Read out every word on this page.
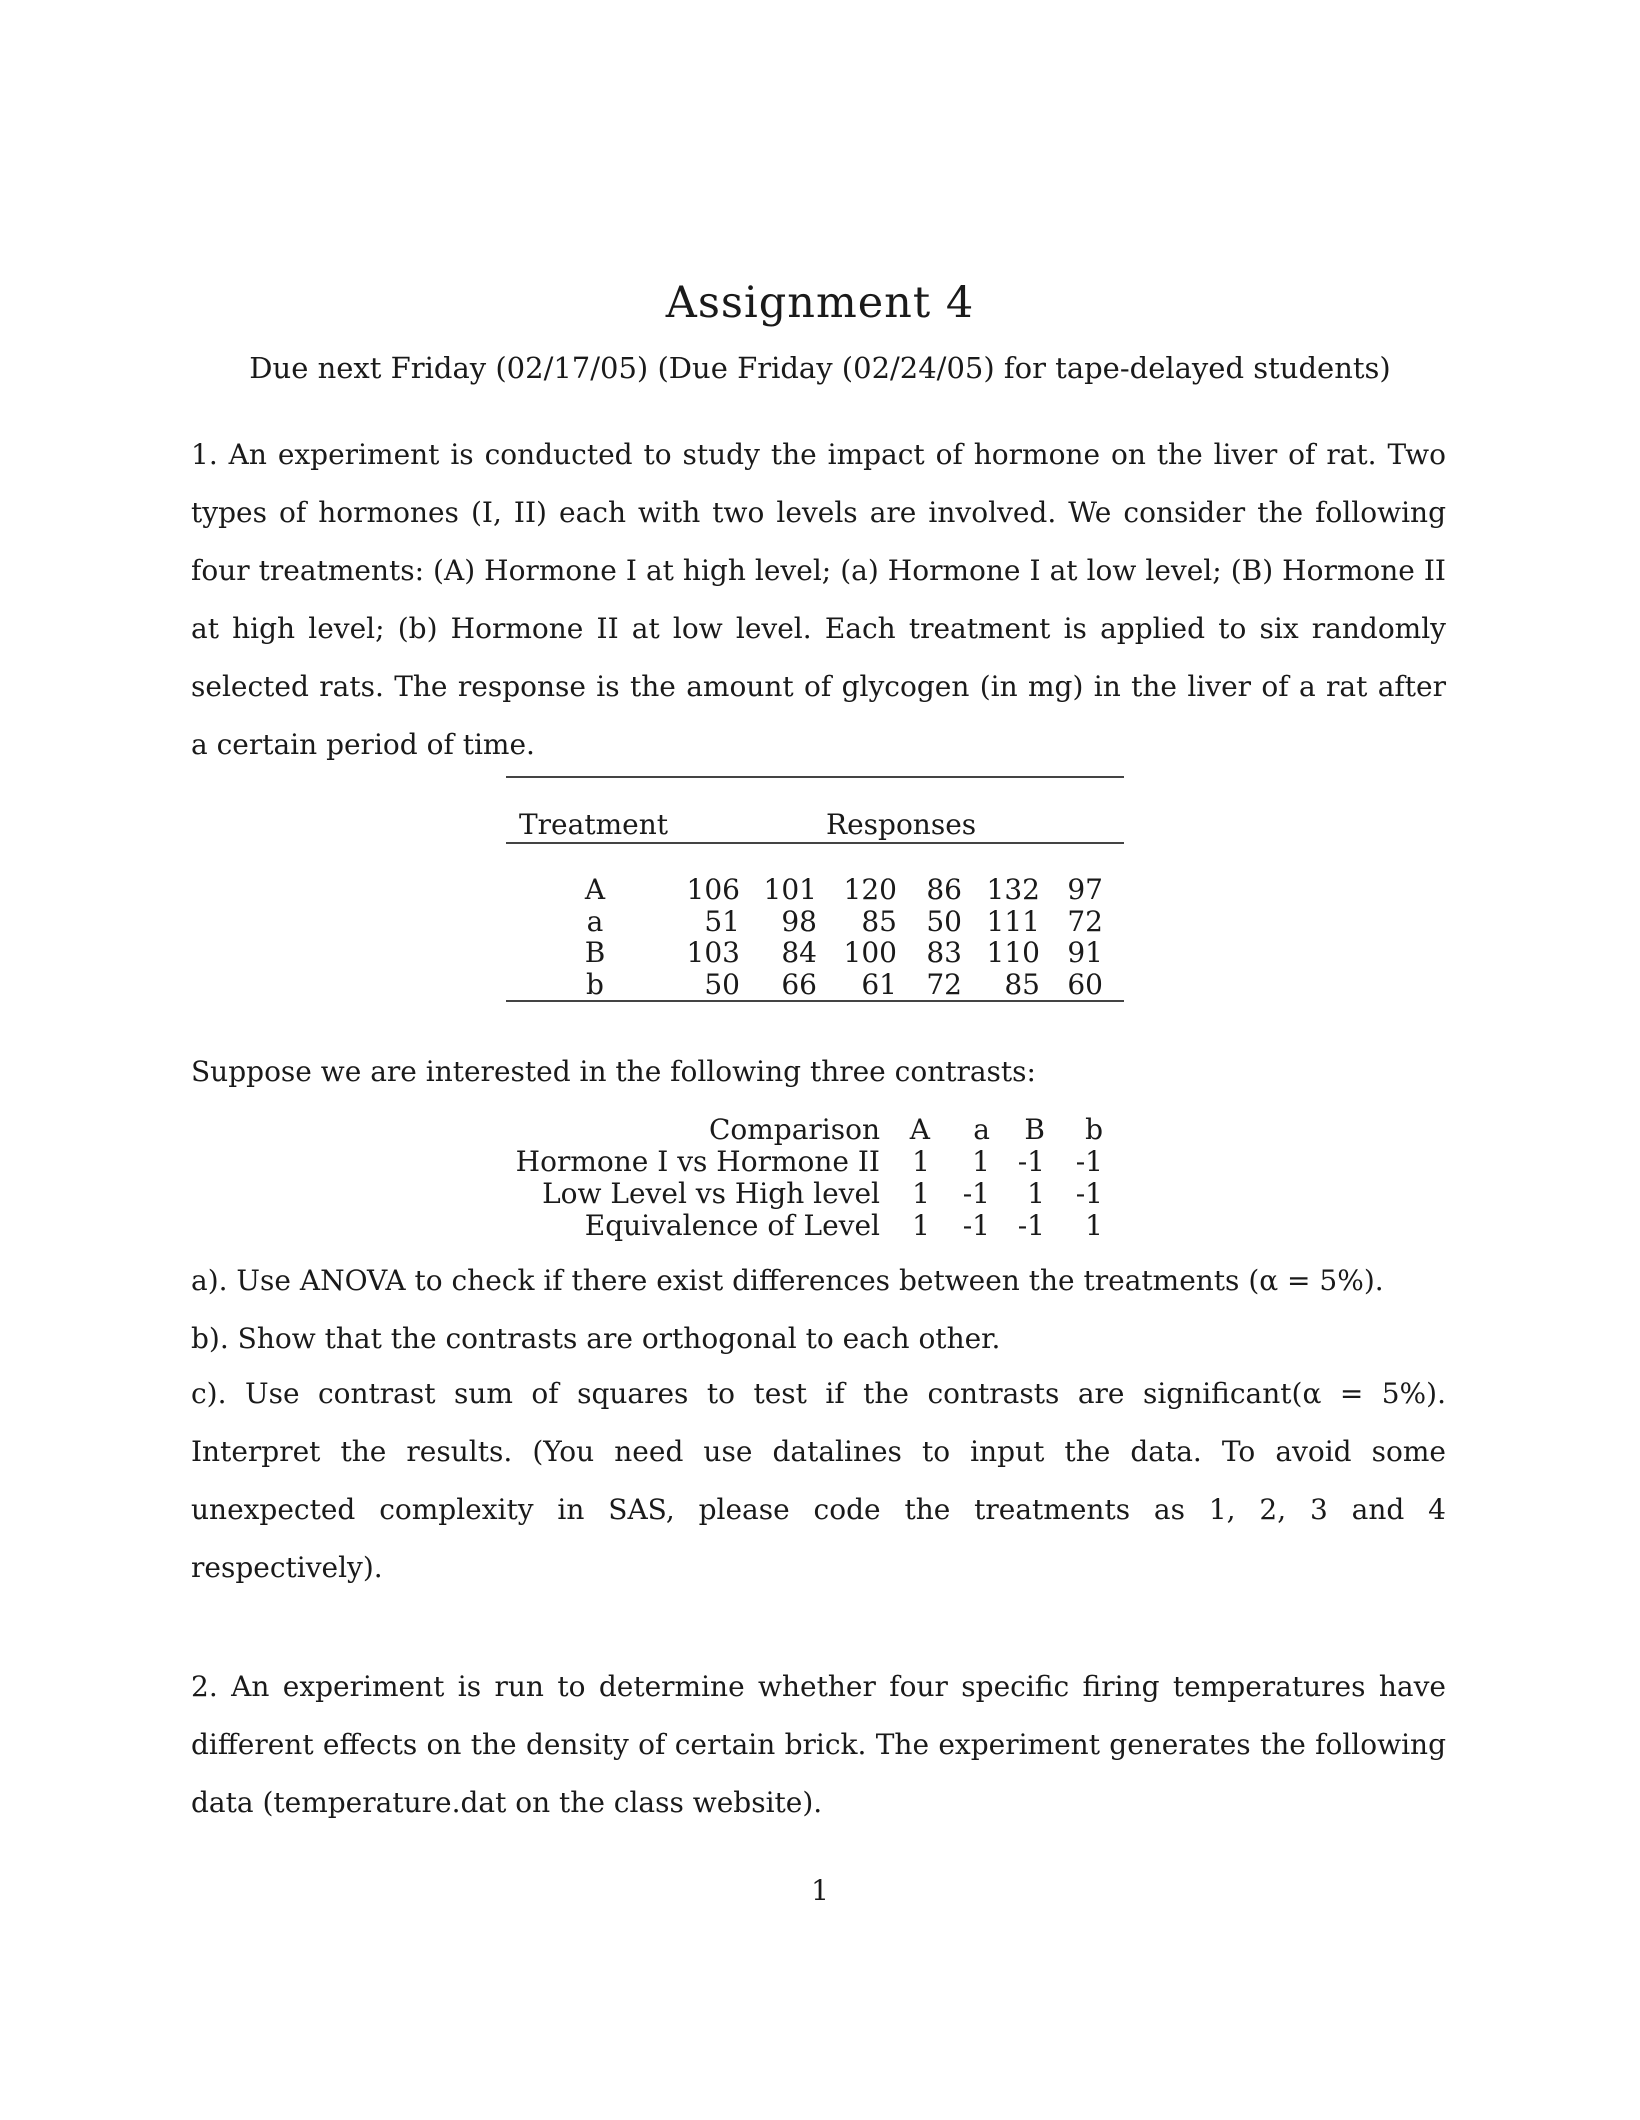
Assignment 4
Due next Friday (02/17/05) (Due Friday (02/24/05) for tape-delayed students)
1. An experiment is conducted to study the impact of hormone on the liver of rat. Two types of hormones (I, II) each with two levels are involved. We consider the following four treatments: (A) Hormone I at high level; (a) Hormone I at low level; (B) Hormone II at high level; (b) Hormone II at low level. Each treatment is applied to six randomly selected rats. The response is the amount of glycogen (in mg) in the liver of a rat after a certain period of time.
Treatment	Responses
A	106 101 120	86 132 97
a	51	98	85	50 111 72
B	103	84 100	83 110 91
b	50	66	61	72	85 60
Suppose we are interested in the following three contrasts:
Comparison	A	a	B	b
Hormone I vs Hormone II	1	1 -1	-1
Low Level vs High level	1	-1	1	-1
Equivalence of Level	1	-1 -1	1
a). Use ANOVA to check if there exist differences between the treatments (α = 5%).
b). Show that the contrasts are orthogonal to each other.
c). Use contrast sum of squares to test if the contrasts are significant(α = 5%). Interpret the results. (You need use datalines to input the data. To avoid some unexpected complexity in SAS, please code the treatments as 1, 2, 3 and 4 respectively).
2. An experiment is run to determine whether four specific firing temperatures have different effects on the density of certain brick. The experiment generates the following data (temperature.dat on the class website).
1
